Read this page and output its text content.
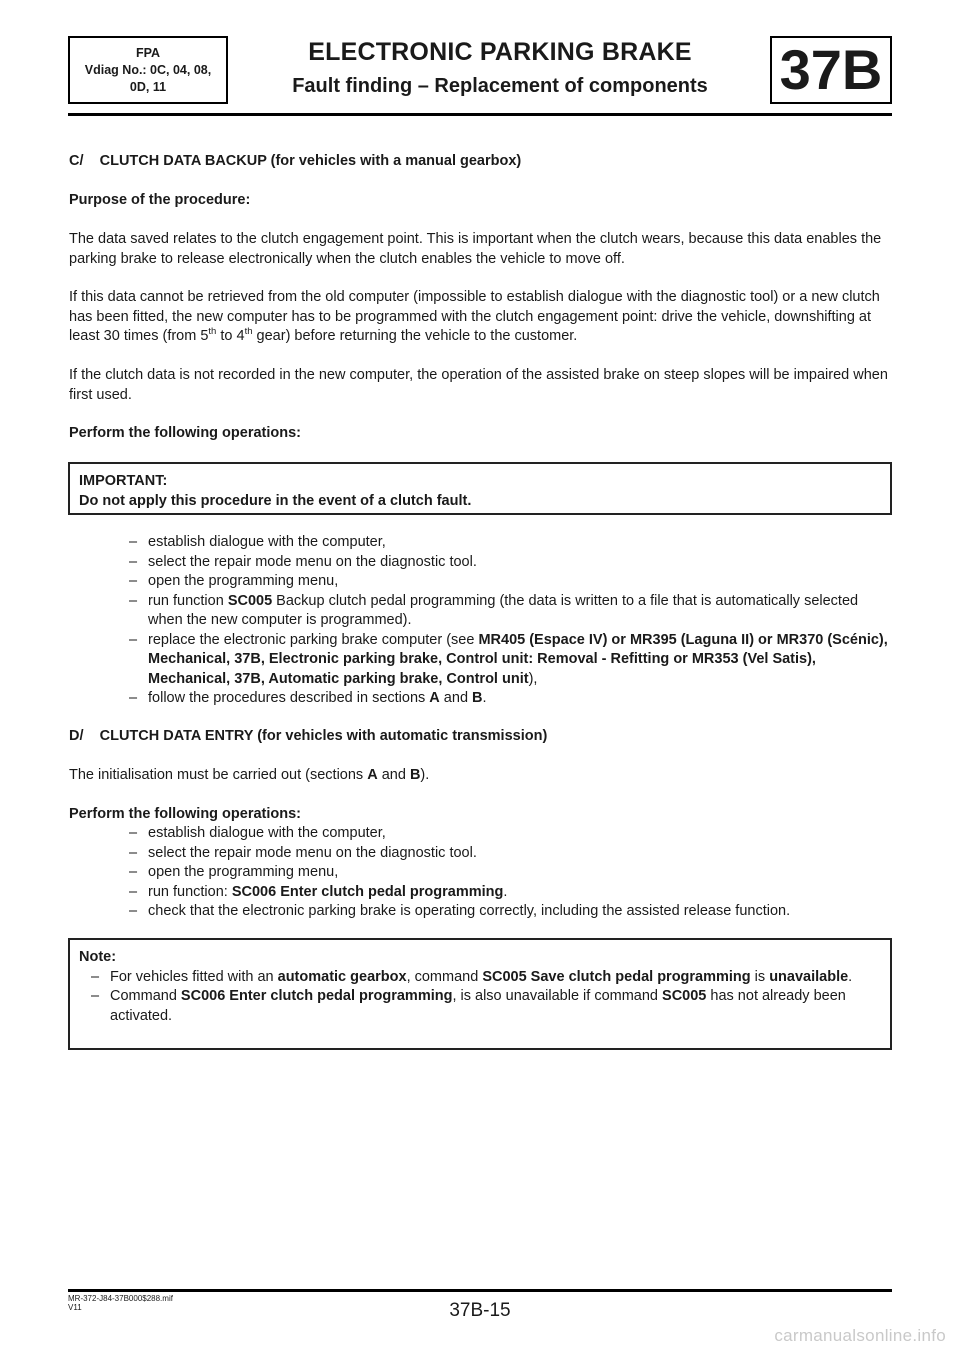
FPA
Vdiag No.: 0C, 04, 08,
0D, 11
ELECTRONIC PARKING BRAKE
Fault finding – Replacement of components	37B

C/    CLUTCH DATA BACKUP (for vehicles with a manual gearbox)

Purpose of the procedure:

The data saved relates to the clutch engagement point. This is important when the clutch wears, because this data enables the parking brake to release electronically when the clutch enables the vehicle to move off.

If this data cannot be retrieved from the old computer (impossible to establish dialogue with the diagnostic tool) or a new clutch has been fitted, the new computer has to be programmed with the clutch engagement point: drive the vehicle, downshifting at least 30 times (from 5th to 4th gear) before returning the vehicle to the customer.

If the clutch data is not recorded in the new computer, the operation of the assisted brake on steep slopes will be impaired when first used.

Perform the following operations:

IMPORTANT:
Do not apply this procedure in the event of a clutch fault.
– establish dialogue with the computer,
– select the repair mode menu on the diagnostic tool.
– open the programming menu,
– run function SC005 Backup clutch pedal programming (the data is written to a file that is automatically selected when the new computer is programmed).
– replace the electronic parking brake computer (see MR405 (Espace IV) or MR395 (Laguna II) or MR370 (Scénic), Mechanical, 37B, Electronic parking brake, Control unit: Removal - Refitting or MR353 (Vel Satis), Mechanical, 37B, Automatic parking brake, Control unit),
– follow the procedures described in sections A and B.

D/    CLUTCH DATA ENTRY (for vehicles with automatic transmission)

The initialisation must be carried out (sections A and B).

Perform the following operations:

– establish dialogue with the computer,
– select the repair mode menu on the diagnostic tool.
– open the programming menu,
– run function: SC006 Enter clutch pedal programming.
– check that the electronic parking brake is operating correctly, including the assisted release function.
Note:
– For vehicles fitted with an automatic gearbox, command SC005 Save clutch pedal programming is unavailable.
– Command SC006 Enter clutch pedal programming, is also unavailable if command SC005 has not already been activated.
MR-372-J84-37B000$288.mif
V11	37B-15
carmanualsonline.info
